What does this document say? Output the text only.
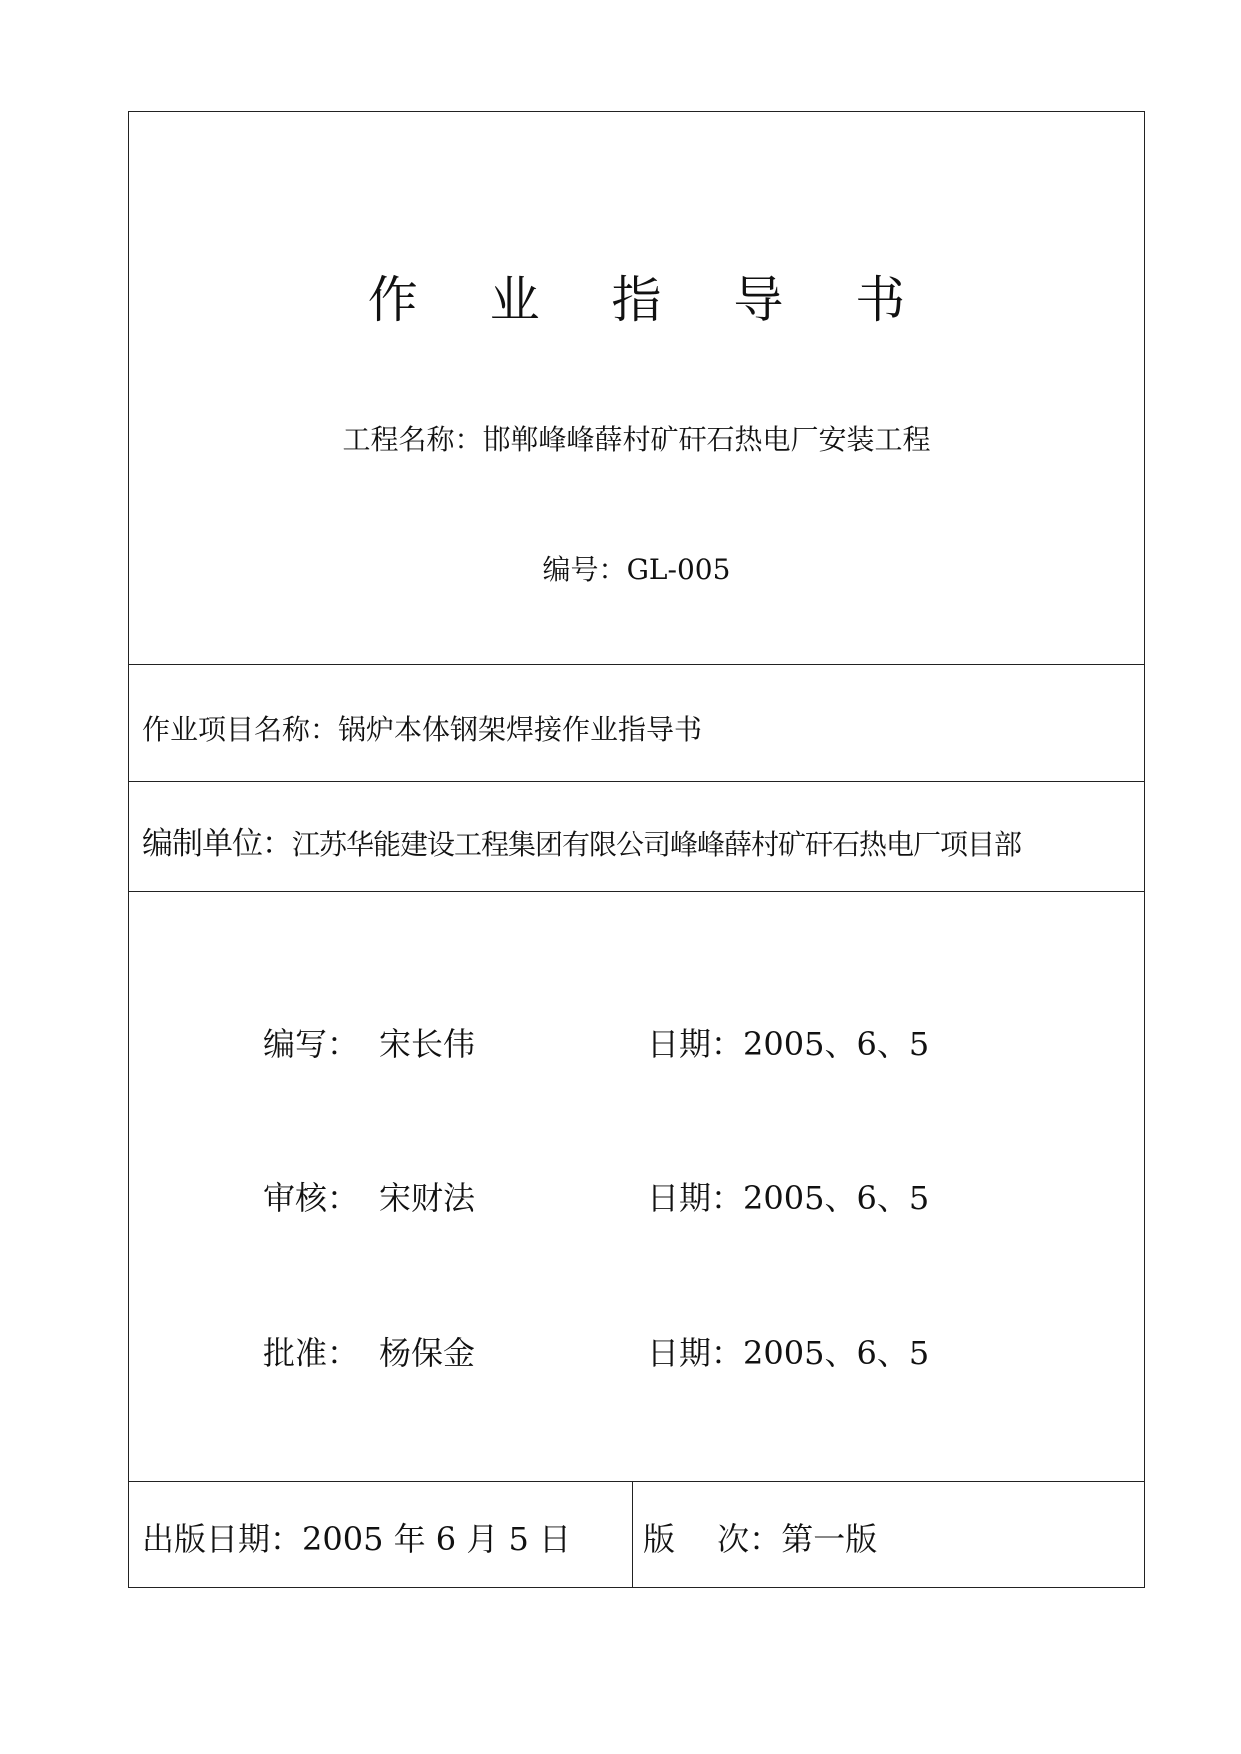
作 业 指 导 书
工程名称：邯郸峰峰薛村矿矸石热电厂安装工程
编号：GL-005
作业项目名称：锅炉本体钢架焊接作业指导书
编制单位：江苏华能建设工程集团有限公司峰峰薛村矿矸石热电厂项目部
编写： 宋长伟	日期：2005、6、5
审核： 宋财法	日期：2005、6、5
批准： 杨保金	日期：2005、6、5
出版日期：2005 年 6 月 5 日 版　 次：第一版
